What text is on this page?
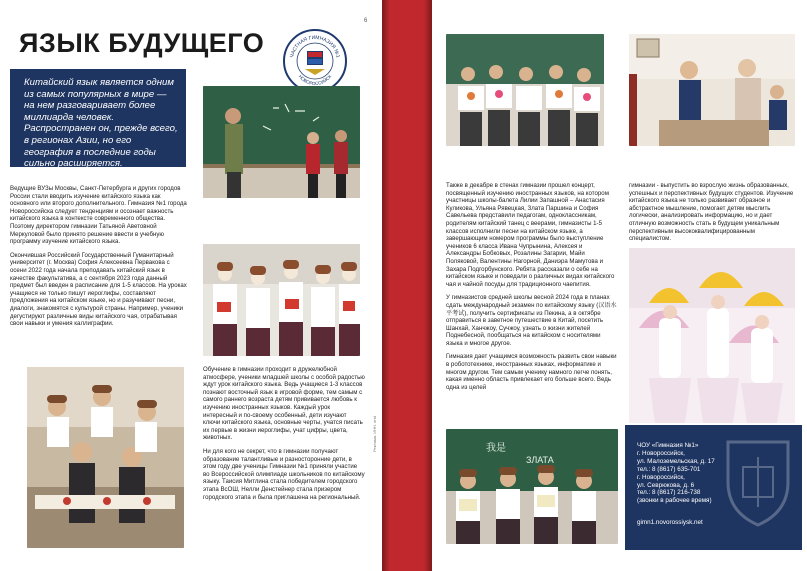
ЯЗЫК БУДУЩЕГО
6
ЧАСТНАЯ ГИМНАЗИЯ №1
НОВОРОССИЙСК
Китайский язык является одним из самых популярных в мире — на нем разговаривает более миллиарда человек. Распространен он, прежде всего, в регионах Азии, но его география в последние годы сильно расширяется.

Ведущие ВУЗы Москвы, Санкт-Петербурга и других городов России стали вводить изучение китайского языка как основного или второго дополнительного. Гимназия №1 города Новороссийска следует тенденциям и осознает важность китайского языка в контексте современного общества. Поэтому директором гимназии Татьяной Аветовной Меркуловой было принято решение ввести в учебную программу изучение китайского языка.

Окончившая Российский Государственный Гуманитарный университет (г. Москва) София Алексеевна Первакова с осени 2022 года начала преподавать китайский язык в качестве факультатива, а с сентября 2023 года данный предмет был введен в расписание для 1-5 классов. На уроках учащиеся не только пишут иероглифы, составляют предложения на китайском языке, но и разучивают песни, диалоги, знакомятся с культурой страны. Например, ученики дегустируют различные виды китайского чая, отрабатывая свои навыки и умения каллиграфии.

Обучение в гимназии проходит в дружелюбной атмосфере, ученики младшей школы с особой радостью ждут урок китайского языка. Ведь учащиеся 1-3 классов познают восточный язык в игровой форме, тем самым с самого раннего возраста детям прививается любовь к изучению иностранных языков. Каждый урок интересный и по-своему особенный, дети изучают ключи китайского языка, основные черты, учатся писать их первые в жизни иероглифы, учат цифры, цвета, животных.

Ни для кого не секрет, что в гимназии получают образование талантливые и разносторонние дети, в этом году две ученицы Гимназии №1 приняли участие во Всероссийской олимпиаде школьников по китайскому языку. Таисия Митлина стала победителем городского этапа ВсОШ, Нелли Денстейнер стала призером городского этапа и была приглашена на региональный.

Реклама. ИНН. erid

Также в декабре в стенах гимназии прошел концерт, посвященный изучению иностранных языков, на котором участницы школы-балета Лилии Запашной – Анастасия Куликова, Ульяна Рявецкая, Злата Паршина и София Савельева представили педагогам, одноклассникам, родителям китайский танец с веерами, гимназисты 1-5 классов исполнили песни на китайском языке, а завершающим номером программы было выступление учеников 6 класса Ивана Чупрынина, Алексея и Александры Бобковых, Розалины Загарии, Майи Поляковой, Валентины Нагорной, Даниэра Мамутова и Захара Подгорбунского. Ребята рассказали о себе на китайском языке и поведали о различных видах китайского чая и чайной посуды для традиционного чаепития.

У гимназистов средней школы весной 2024 года в планах сдать международный экзамен по китайскому языку (汉语水平考试), получить сертификаты из Пекина, а в октябре отправиться в заветное путешествие в Китай, посетить Шанхай, Ханчжоу, Сучжоу, узнать о жизни жителей Поднебесной, пообщаться на китайском с носителями языка и многое другое.

Гимназия дает учащимся возможность развить свои навыки в робототехнике, иностранных языках, информатике и многом другом. Тем самым ученику намного легче понять, какая именно область привлекает его больше всего. Ведь одна из целей

гимназии - выпустить во взрослую жизнь образованных, успешных и перспективных будущих студентов. Изучение китайского языка не только развивает образное и абстрактное мышление, помогает детям мыслить логически, анализировать информацию, но и дает отличную возможность стать в будущем уникальным перспективным высококвалифицированным специалистом.

我是
ЗЛАТА
ЧОУ «Гимназия №1»
г. Новороссийск,
ул. Малоземельская, д. 17
тел.: 8 (8617) 635-701
г. Новороссийск,
ул. Севрюкова, д. 6
тел.: 8 (8617) 216-738
(звонки в рабочее время)
gimn1.novorossiysk.net
